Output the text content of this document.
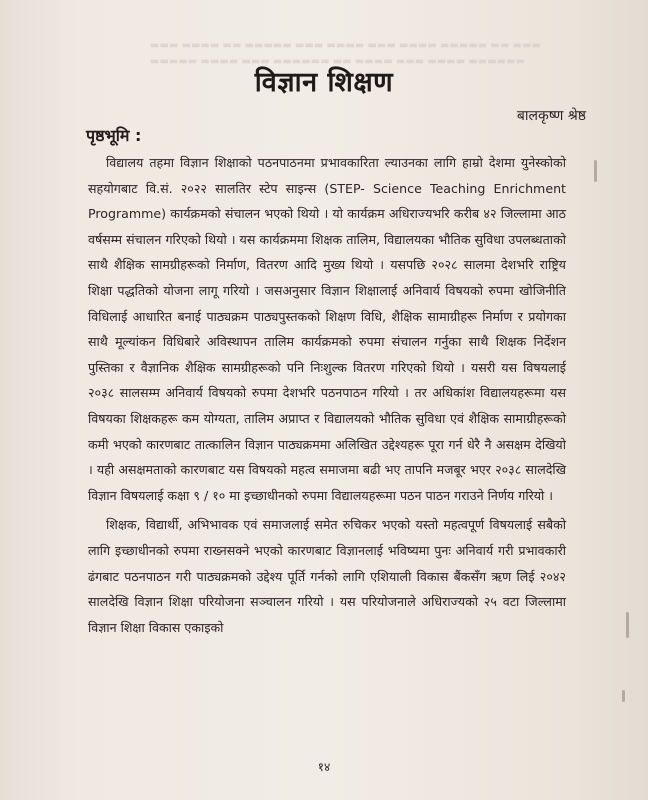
▬▬▬ ▬▬▬▬ ▬▬ ▬▬▬▬▬ ▬▬▬ ▬▬▬▬ ▬▬▬ ▬▬▬▬ ▬▬▬▬▬ ▬▬ ▬▬▬
▬▬▬▬▬ ▬▬▬▬ ▬▬▬ ▬▬▬▬▬▬ ▬▬ ▬▬▬▬ ▬▬▬ ▬▬▬▬ ▬▬▬▬▬▬
विज्ञान शिक्षण
बालकृष्ण श्रेष्ठ
पृष्ठभूमि :

विद्यालय तहमा विज्ञान शिक्षाको पठनपाठनमा प्रभावकारिता ल्याउनका लागि हाम्रो देशमा युनेस्कोको सहयोगबाट वि.सं. २०२२ सालतिर स्टेप साइन्स (STEP- Science Teaching Enrichment Programme) कार्यक्रमको संचालन भएको थियो । यो कार्यक्रम अधिराज्यभरि करीब ४२ जिल्लामा आठ वर्षसम्म संचालन गरिएको थियो । यस कार्यक्रममा शिक्षक तालिम, विद्यालयका भौतिक सुविधा उपलब्धताको साथै शैक्षिक सामग्रीहरूको निर्माण, वितरण आदि मुख्य थियो । यसपछि २०२८ सालमा देशभरि राष्ट्रिय शिक्षा पद्धतिको योजना लागू गरियो । जसअनुसार विज्ञान शिक्षालाई अनिवार्य विषयको रुपमा खोजिनीति विधिलाई आधारित बनाई पाठ्यक्रम पाठ्यपुस्तकको शिक्षण विधि, शैक्षिक सामाग्रीहरू निर्माण र प्रयोगका साथै मूल्यांकन विधिबारे अविस्थापन तालिम कार्यक्रमको रुपमा संचालन गर्नुका साथै शिक्षक निर्देशन पुस्तिका र वैज्ञानिक शैक्षिक सामग्रीहरूको पनि निःशुल्क वितरण गरिएको थियो । यसरी यस विषयलाई २०३८ सालसम्म अनिवार्य विषयको रुपमा देशभरि पठनपाठन गरियो । तर अधिकांश विद्यालयहरूमा यस विषयका शिक्षकहरू कम योग्यता, तालिम अप्राप्त र विद्यालयको भौतिक सुविधा एवं शैक्षिक सामाग्रीहरूको कमी भएको कारणबाट तात्कालिन विज्ञान पाठ्यक्रममा अलिखित उद्देश्यहरू पूरा गर्न धेरै नै असक्षम देखियो । यही असक्षमताको कारणबाट यस विषयको महत्व समाजमा बढी भए तापनि मजबूर भएर २०३८ सालदेखि विज्ञान विषयलाई कक्षा ९ / १० मा इच्छाधीनको रुपमा विद्यालयहरूमा पठन पाठन गराउने निर्णय गरियो ।

शिक्षक, विद्यार्थी, अभिभावक एवं समाजलाई समेत रुचिकर भएको यस्तो महत्वपूर्ण विषयलाई सबैको लागि इच्छाधीनको रुपमा राख्नसक्ने भएको कारणबाट विज्ञानलाई भविष्यमा पुनः अनिवार्य गरी प्रभावकारी ढंगबाट पठनपाठन गरी पाठ्यक्रमको उद्देश्य पूर्ति गर्नको लागि एशियाली विकास बैंकसँग ऋण लिई २०४२ सालदेखि विज्ञान शिक्षा परियोजना सञ्चालन गरियो । यस परियोजनाले अधिराज्यको २५ वटा जिल्लामा विज्ञान शिक्षा विकास एकाइको

१४
